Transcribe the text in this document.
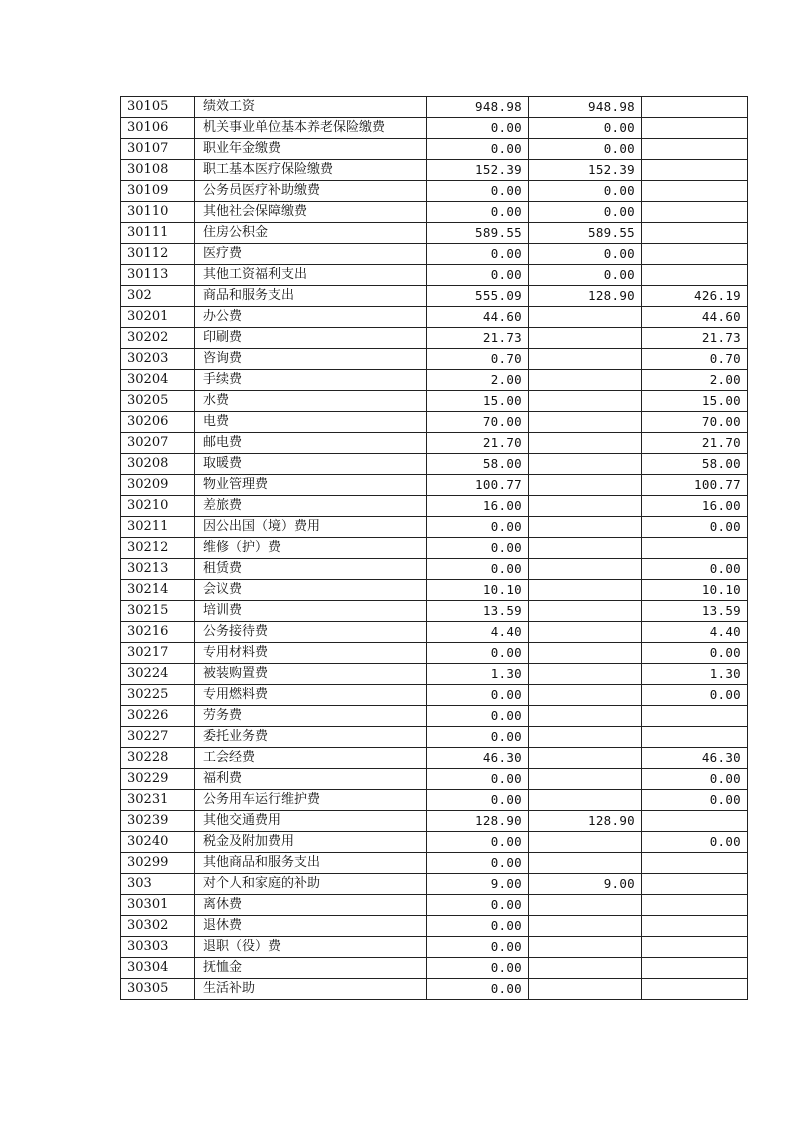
30105	绩效工资	948.98	948.98	
30106	机关事业单位基本养老保险缴费	0.00	0.00	
30107	职业年金缴费	0.00	0.00	
30108	职工基本医疗保险缴费	152.39	152.39	
30109	公务员医疗补助缴费	0.00	0.00	
30110	其他社会保障缴费	0.00	0.00	
30111	住房公积金	589.55	589.55	
30112	医疗费	0.00	0.00	
30113	其他工资福利支出	0.00	0.00	
302	商品和服务支出	555.09	128.90	426.19
30201	办公费	44.60		44.60
30202	印刷费	21.73		21.73
30203	咨询费	0.70		0.70
30204	手续费	2.00		2.00
30205	水费	15.00		15.00
30206	电费	70.00		70.00
30207	邮电费	21.70		21.70
30208	取暖费	58.00		58.00
30209	物业管理费	100.77		100.77
30210	差旅费	16.00		16.00
30211	因公出国（境）费用	0.00		0.00
30212	维修（护）费	0.00		
30213	租赁费	0.00		0.00
30214	会议费	10.10		10.10
30215	培训费	13.59		13.59
30216	公务接待费	4.40		4.40
30217	专用材料费	0.00		0.00
30224	被装购置费	1.30		1.30
30225	专用燃料费	0.00		0.00
30226	劳务费	0.00		
30227	委托业务费	0.00		
30228	工会经费	46.30		46.30
30229	福利费	0.00		0.00
30231	公务用车运行维护费	0.00		0.00
30239	其他交通费用	128.90	128.90	
30240	税金及附加费用	0.00		0.00
30299	其他商品和服务支出	0.00		
303	对个人和家庭的补助	9.00	9.00	
30301	离休费	0.00		
30302	退休费	0.00		
30303	退职（役）费	0.00		
30304	抚恤金	0.00		
30305	生活补助	0.00		
